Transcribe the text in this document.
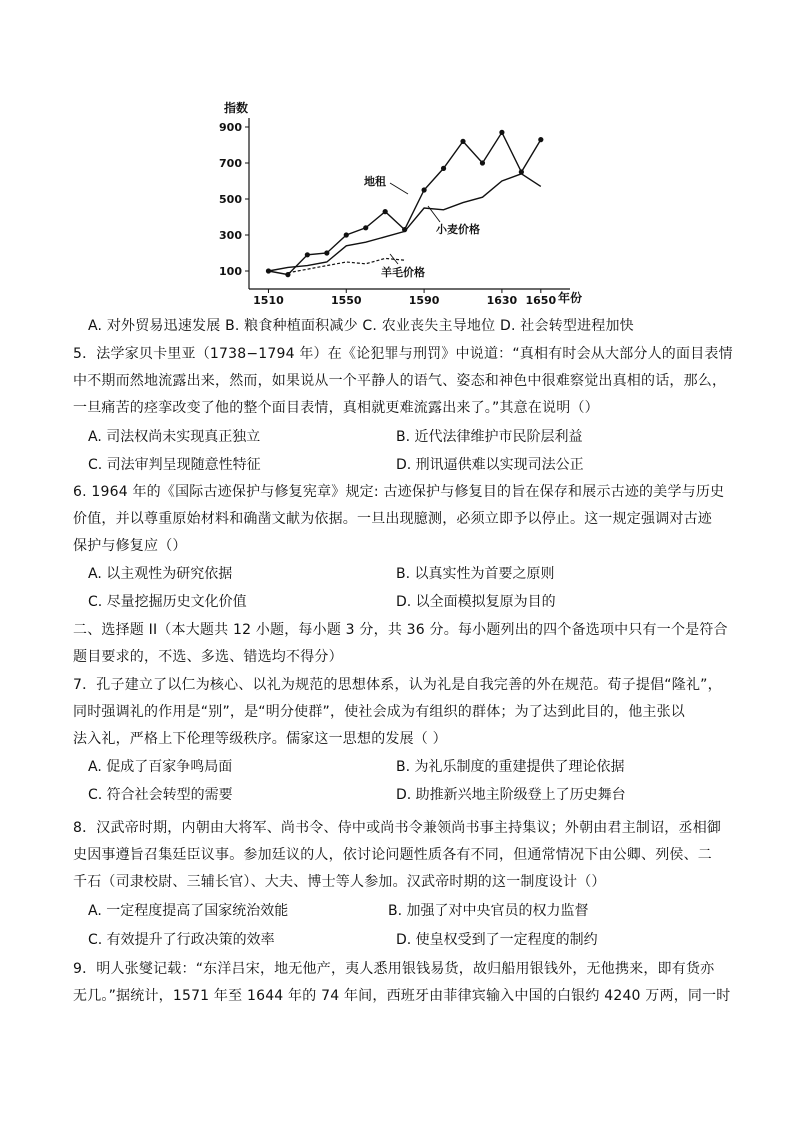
指数
100
300
500
700
900
1510	1550	1590	1630 1650 年份
地租
小麦价格
羊毛价格
A. 对外贸易迅速发展 B. 粮食种植面积减少 C. 农业丧失主导地位 D. 社会转型进程加快
5．法学家贝卡里亚（1738−1794 年）在《论犯罪与刑罚》中说道：“真相有时会从大部分人的面目表情
中不期而然地流露出来，然而，如果说从一个平静人的语气、姿态和神色中很难察觉出真相的话，那么，
一旦痛苦的痉挛改变了他的整个面目表情，真相就更难流露出来了。”其意在说明（）
A. 司法权尚未实现真正独立	B. 近代法律维护市民阶层利益
C. 司法审判呈现随意性特征	D. 刑讯逼供难以实现司法公正
6. 1964 年的《国际古迹保护与修复宪章》规定: 古迹保护与修复目的旨在保存和展示古迹的美学与历史
价值，并以尊重原始材料和确凿文献为依据。一旦出现臆测，必须立即予以停止。这一规定强调对古迹
保护与修复应（）
A. 以主观性为研究依据	B. 以真实性为首要之原则
C. 尽量挖掘历史文化价值	D. 以全面模拟复原为目的
二、选择题 II（本大题共 12 小题，每小题 3 分，共 36 分。每小题列出的四个备选项中只有一个是符合
题目要求的，不选、多选、错选均不得分）
7．孔子建立了以仁为核心、以礼为规范的思想体系，认为礼是自我完善的外在规范。荀子提倡“隆礼”，
同时强调礼的作用是“别”，是“明分使群”，使社会成为有组织的群体；为了达到此目的，他主张以
法入礼，严格上下伦理等级秩序。儒家这一思想的发展（ ）
A. 促成了百家争鸣局面	B. 为礼乐制度的重建提供了理论依据
C. 符合社会转型的需要	D. 助推新兴地主阶级登上了历史舞台
8．汉武帝时期，内朝由大将军、尚书令、侍中或尚书令兼领尚书事主持集议；外朝由君主制诏，丞相御
史因事遵旨召集廷臣议事。参加廷议的人，依讨论问题性质各有不同，但通常情况下由公卿、列侯、二
千石（司隶校尉、三辅长官）、大夫、博士等人参加。汉武帝时期的这一制度设计（）
A. 一定程度提高了国家统治效能	B. 加强了对中央官员的权力监督
C. 有效提升了行政决策的效率	D. 使皇权受到了一定程度的制约
9．明人张燮记载：“东洋吕宋，地无他产，夷人悉用银钱易货，故归船用银钱外，无他携来，即有货亦
无几。”据统计，1571 年至 1644 年的 74 年间，西班牙由菲律宾输入中国的白银约 4240 万两，同一时
